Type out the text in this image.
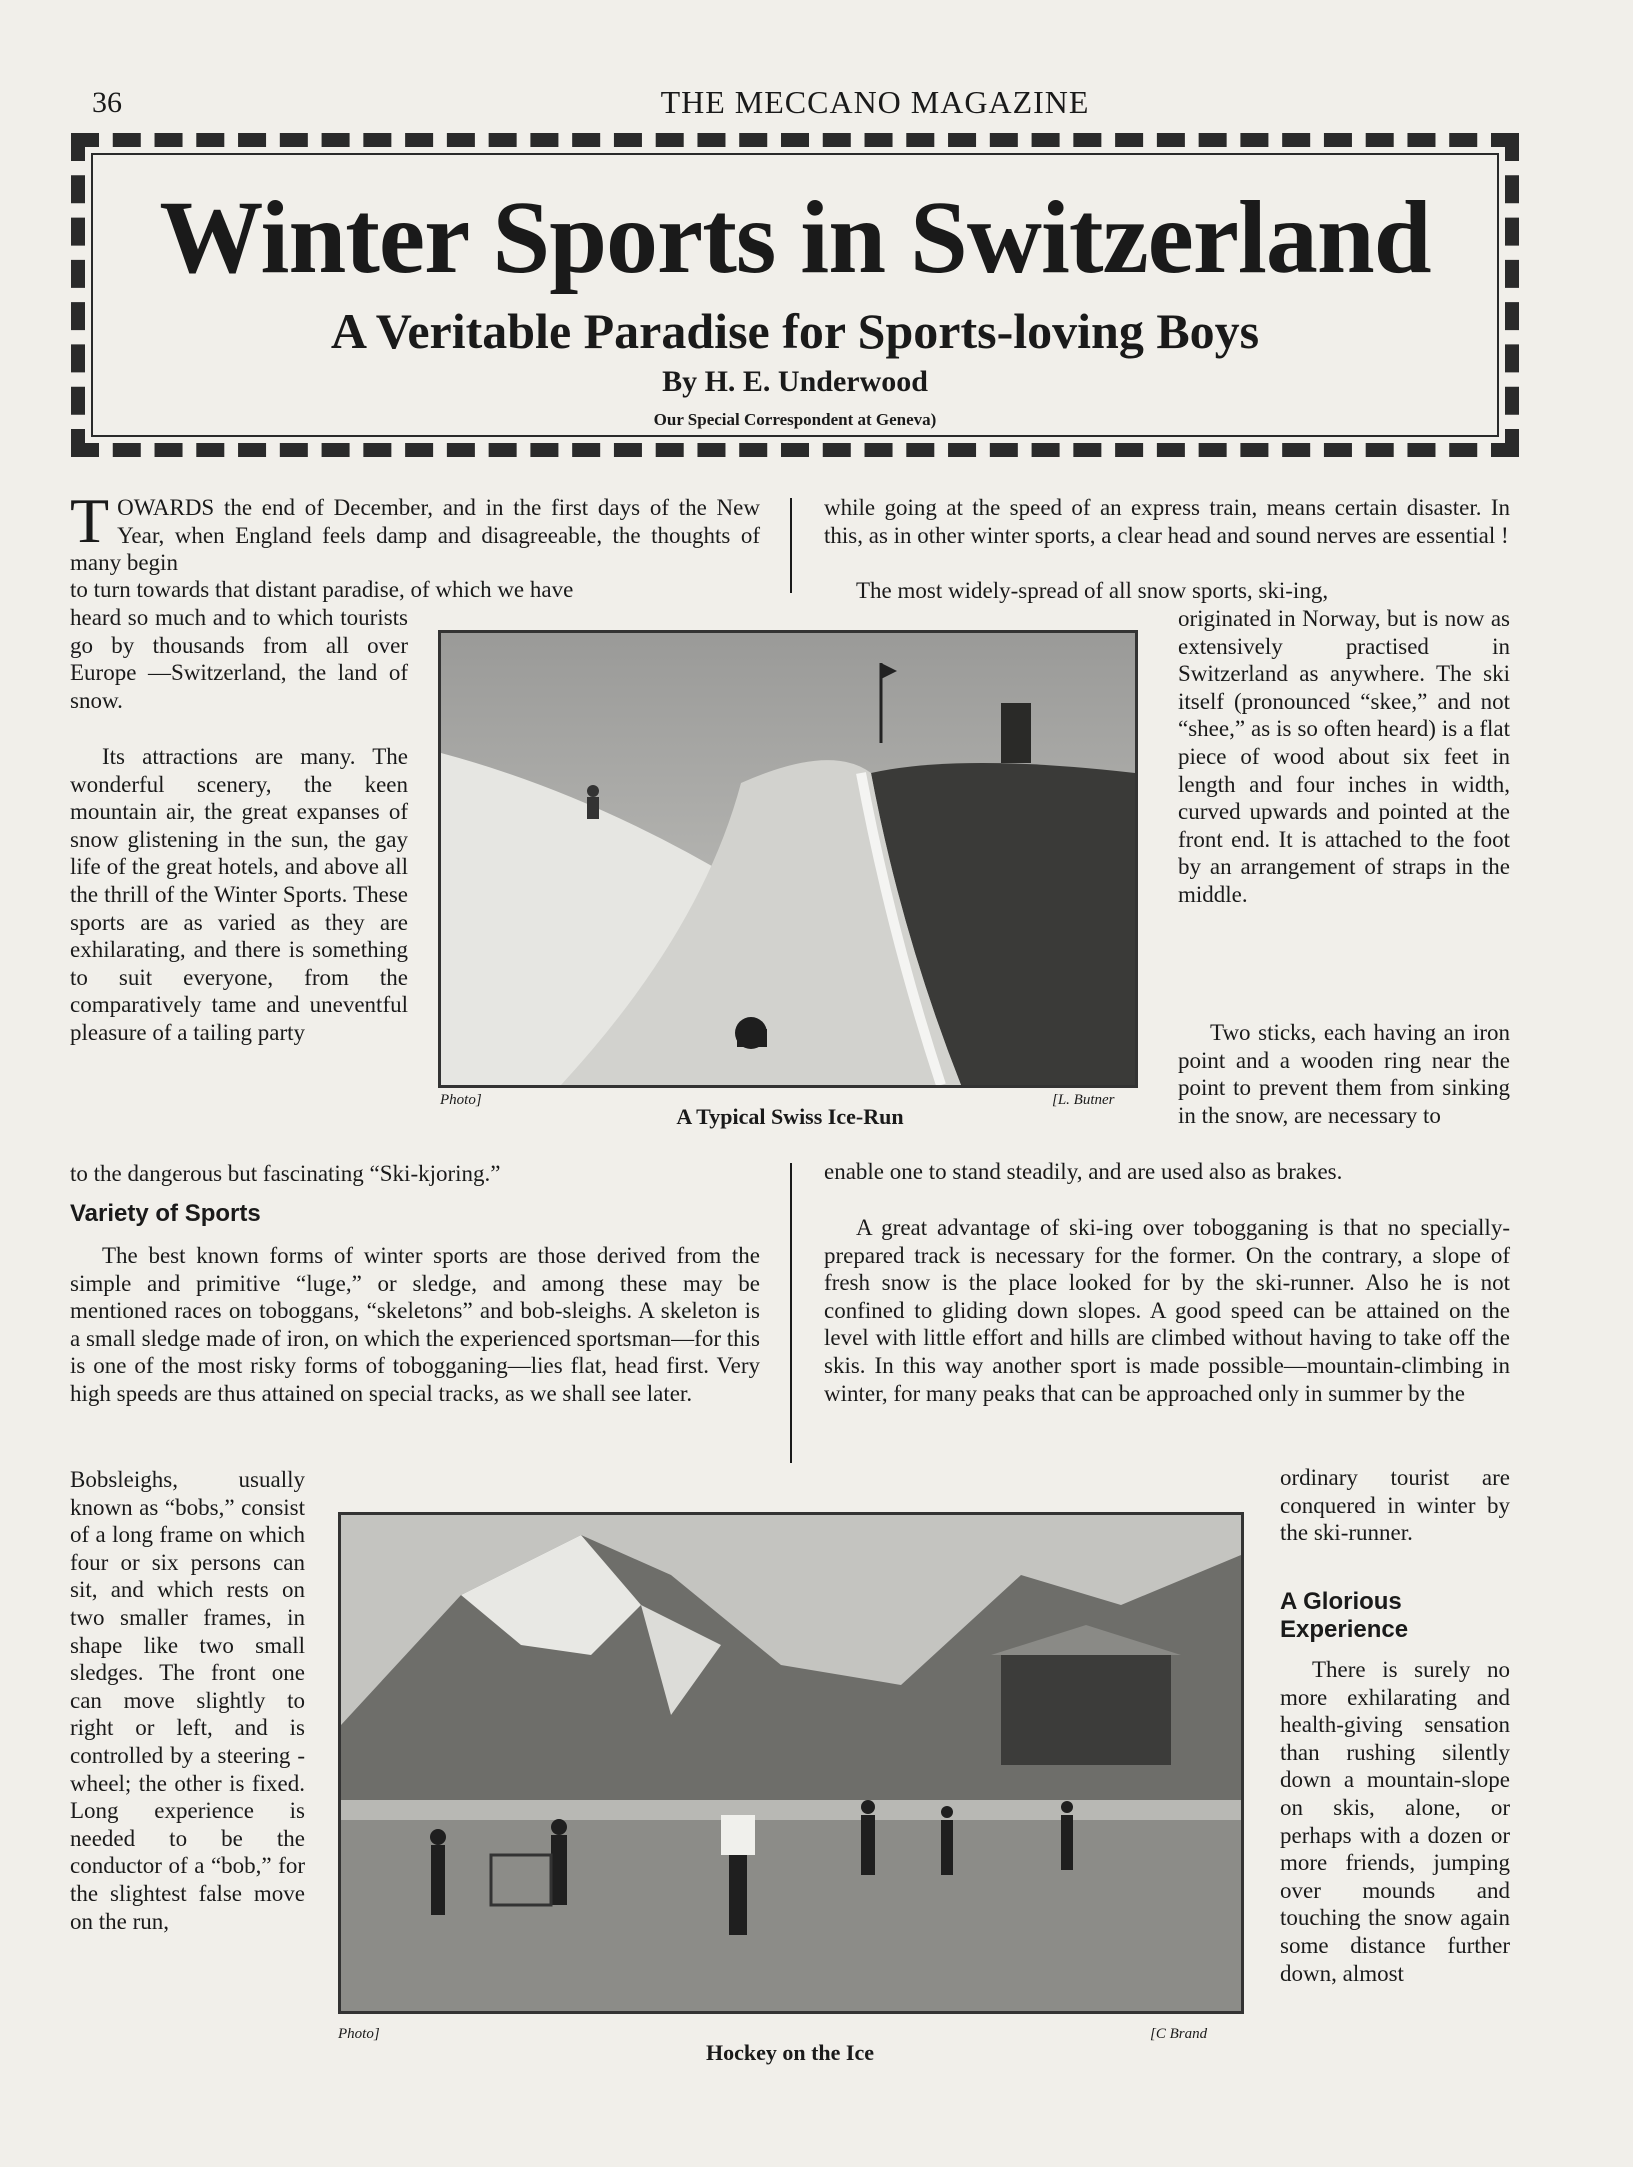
36	THE MECCANO MAGAZINE
Winter Sports in Switzerland
A Veritable Paradise for Sports-loving Boys
By H. E. Underwood
Our Special Correspondent at Geneva)
TOWARDS the end of December, and in the first days of the New Year, when England feels damp and disagreeable, the thoughts of many begin
to turn towards that distant paradise, of which we have
heard so much and to which tourists go by thousands from all over Europe —Switzerland, the land of snow.
Its attractions are many. The wonderful scenery, the keen mountain air, the great expanses of snow glistening in the sun, the gay life of the great hotels, and above all the thrill of the Winter Sports. These sports are as varied as they are exhilarating, and there is something to suit everyone, from the comparatively tame and uneventful pleasure of a tailing party
to the dangerous but fascinating “Ski-kjoring.”
Variety of Sports
The best known forms of winter sports are those derived from the simple and primitive “luge,” or sledge, and among these may be mentioned races on toboggans, “skeletons” and bob-sleighs. A skeleton is a small sledge made of iron, on which the experienced sportsman—for this is one of the most risky forms of tobogganing—lies flat, head first. Very high speeds are thus attained on special tracks, as we shall see later.
Bobsleighs, usually known as “bobs,” consist of a long frame on which four or six persons can sit, and which rests on two smaller frames, in shape like two small sledges. The front one can move slightly to right or left, and is controlled by a steering - wheel; the other is fixed. Long experience is needed to be the conductor of a “bob,” for the slightest false move on the run,
while going at the speed of an express train, means certain disaster. In this, as in other winter sports, a clear head and sound nerves are essential !
The most widely-spread of all snow sports, ski-ing,
originated in Norway, but is now as extensively practised in Switzerland as anywhere. The ski itself (pronounced “skee,” and not “shee,” as is so often heard) is a flat piece of wood about six feet in length and four inches in width, curved upwards and pointed at the front end. It is attached to the foot by an arrangement of straps in the middle.
Two sticks, each having an iron point and a wooden ring near the point to prevent them from sinking in the snow, are necessary to
enable one to stand steadily, and are used also as brakes.
A great advantage of ski-ing over tobogganing is that no specially-prepared track is necessary for the former. On the contrary, a slope of fresh snow is the place looked for by the ski-runner. Also he is not confined to gliding down slopes. A good speed can be attained on the level with little effort and hills are climbed without having to take off the skis. In this way another sport is made possible—mountain-climbing in winter, for many peaks that can be approached only in summer by the
ordinary tourist are conquered in winter by the ski-runner.
A Glorious Experience
There is surely no more exhilarating and health-giving sensation than rushing silently down a mountain-slope on skis, alone, or perhaps with a dozen or more friends, jumping over mounds and touching the snow again some distance further down, almost
Photo]	[L. Butner
A Typical Swiss Ice-Run
Photo]	[C Brand
Hockey on the Ice
